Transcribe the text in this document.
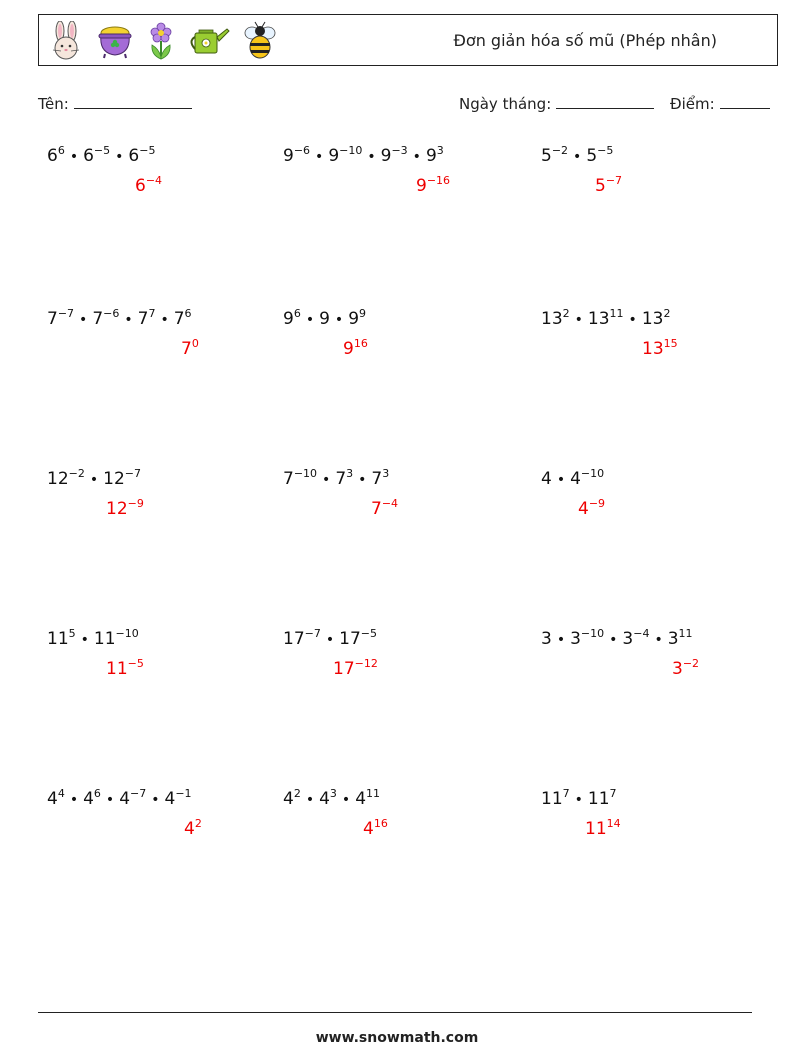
Đơn giản hóa số mũ (Phép nhân)
Tên:	Ngày tháng:	Điểm:
$6^6$ • $6^{-5}$ • $6^{-5}$
$6^{-4}$
$9^{-6}$ • $9^{-10}$ • $9^{-3}$ • $9^3$
$9^{-16}$
$5^{-2}$ • $5^{-5}$
$5^{-7}$
$7^{-7}$ • $7^{-6}$ • $7^7$ • $7^6$
$7^0$
$9^6$ • 9 • $9^9$
$9^{16}$
$13^2$ • $13^{11}$ • $13^2$
$13^{15}$
$12^{-2}$ • $12^{-7}$
$12^{-9}$
$7^{-10}$ • $7^3$ • $7^3$
$7^{-4}$
4 • $4^{-10}$
$4^{-9}$
$11^5$ • $11^{-10}$
$11^{-5}$
$17^{-7}$ • $17^{-5}$
$17^{-12}$
3 • $3^{-10}$ • $3^{-4}$ • $3^{11}$
$3^{-2}$
$4^4$ • $4^6$ • $4^{-7}$ • $4^{-1}$
$4^2$
$4^2$ • $4^3$ • $4^{11}$
$4^{16}$
$11^7$ • $11^7$
$11^{14}$
www.snowmath.com
